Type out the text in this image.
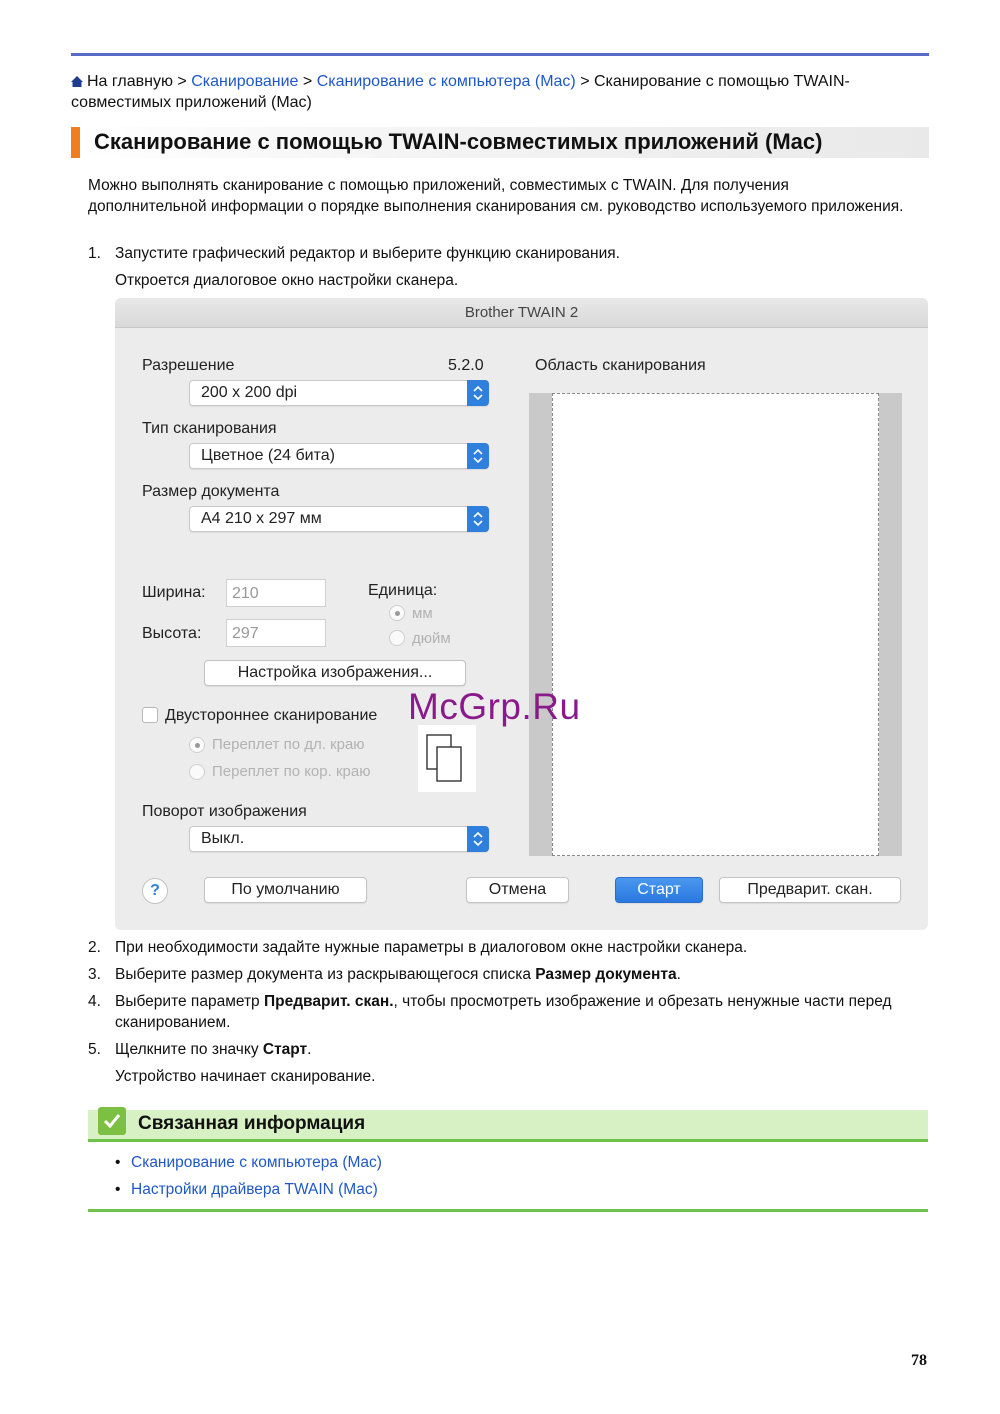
На главную > Сканирование > Сканирование с компьютера (Mac) > Сканирование с помощью TWAIN-совместимых приложений (Mac)
Сканирование с помощью TWAIN-совместимых приложений (Mac)

Можно выполнять сканирование с помощью приложений, совместимых с TWAIN. Для получения дополнительной информации о порядке выполнения сканирования см. руководство используемого приложения.

1. Запустите графический редактор и выберите функцию сканирования.
Откроется диалоговое окно настройки сканера.
Brother TWAIN 2
Разрешение	5.2.0
200 x 200 dpi
Тип сканирования
Цветное (24 бита)
Размер документа
A4 210 x 297 мм
Ширина: 210
Высота: 297
Единица:
мм
дюйм
Настройка изображения...
Двустороннее сканирование
Переплет по дл. краю
Переплет по кор. краю
Поворот изображения
Выкл.
Область сканирования
?	По умолчанию	Отмена	Старт	Предварит. скан.
McGrp.Ru
2. При необходимости задайте нужные параметры в диалоговом окне настройки сканера.
3. Выберите размер документа из раскрывающегося списка Размер документа.
4. Выберите параметр Предварит. скан., чтобы просмотреть изображение и обрезать ненужные части перед сканированием.
5. Щелкните по значку Старт.
Устройство начинает сканирование.
Связанная информация
• Сканирование с компьютера (Mac)
• Настройки драйвера TWAIN (Mac)
78
